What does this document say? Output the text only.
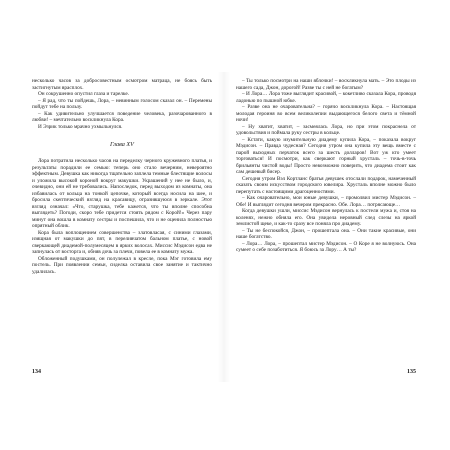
несколько часов за добросовестным осмотром матраца, не боясь быть застигнутым врасплох.

Он сокрушенно опустил глаза и тарелке.

– Я рад, что ты пойдешь, Лора, – невинным голосом сказал он. – Перемены пойдут тебе на пользу.

– Как удивительно улучшается поведение человека, разочарованного в любви! – мечтательно воскликнула Кора.

И Эзрик только мрачно ухмыльнулся.

Глава XV

Лора потратила несколько часов на переделку черного кружевного платья, и результаты порадили ее семью: теперь оно стало вечерним, невероятно эффектным. Девушка как никогда тщательно заплела темные блестящие волосы и уложила высокой короной вокруг макушки. Украшений у нее не было, и, очевидно, они ей не требовались. Напоследок, перед выходом из комнаты, она избавилась от кольца на тонкой цепочке, который всегда носила на шее, и бросила скептический взгляд на красавицу, отразившуюся в зеркале. Этот взгляд означал: «Что, старушка, тебе кажется, что ты вполне способна выглядеть? Погоди, скоро тебе придется стоять рядом с Корой!» Через пару минут она вошла в комнату сестры и поспешила, что и не оценила полностью опрятный облик.

Кора была воплощением совершенства – златовласая, с синими глазами, изящная от макушки до пят, в переливчатом бальном платье, с новой сверкающей диадемой-полумесяцем в ярких волосах. Миссис Мэдисон едва не запнулась от восторга и, обняв дочь за плечи, повела ее в комнату мужа.

Обложенный подушками, он полулежал в кресле, пока Мэг готовила ему постель. При появлении семьи, сиделка оставила свое занятие и тактично удалилась.

134

– Ты только посмотри на наши яблочки! – воскликнула мать. – Это плоды из нашего сада, Джон, дорогой! Разве ты с ней не богатым?

– И Лора… Лора тоже выглядит красивой, – кокетливо сказала Кора, проводя ладонью по пышной юбке.

– Разве она не очаровательна? – горячо воскликнула Кора. – Настоящая молодая героиня во всем великолепии выдающегося белого света и тёмной ночи!

– Ну хватит, хватит, – засмеялась Лора, но при этом покраснела от удовольствия и поймала руку сестры в кольце.

– Кстати, какую изумительную диадему купила Кора, – показала вокруг Мэдисон. – Правда чудесная? Сегодня утром она купила эту вещь вместе с парой выходных перчаток всего за шесть долларов! Вот уж кто умеет торговаться! И посмотри, как сверкают горный хрусталь – точь-в-точь брильянты чистой воды! Просто невозможно поверить, что диадема стоит как сам дешевый бисер.

Сегодня утром Вэл Кортланс братья девушек отослали подарок, намеченный сказать своим искусством городского ювелира. Хрусталь вполне можно было перепутать с настоящими драгоценностями.

– Как очаровательно, мои юные девушки, – промолвил мистер Мэдисон. – Обе! И выглядит сегодня вечером прекрасно. Обе. Лора… потрясающе…

Когда девушки ушли, миссис Мэдисон вернулась к постели мужа и, стоя на коленях, нежно обняла его. Она увидела неровный след слезы на яркой землистой щеке, и как-то сразу все поняла про диадему.

– Ты не беспокойся, Джон, – прошептала она. – Они такие красивые, они наше богатство.

– Лора… Лора, – прошептал мистер Мэдисон. – О Коре я не волнуюсь. Она сумеет о себе позаботиться. Я боюсь за Лору… А ты?

135
